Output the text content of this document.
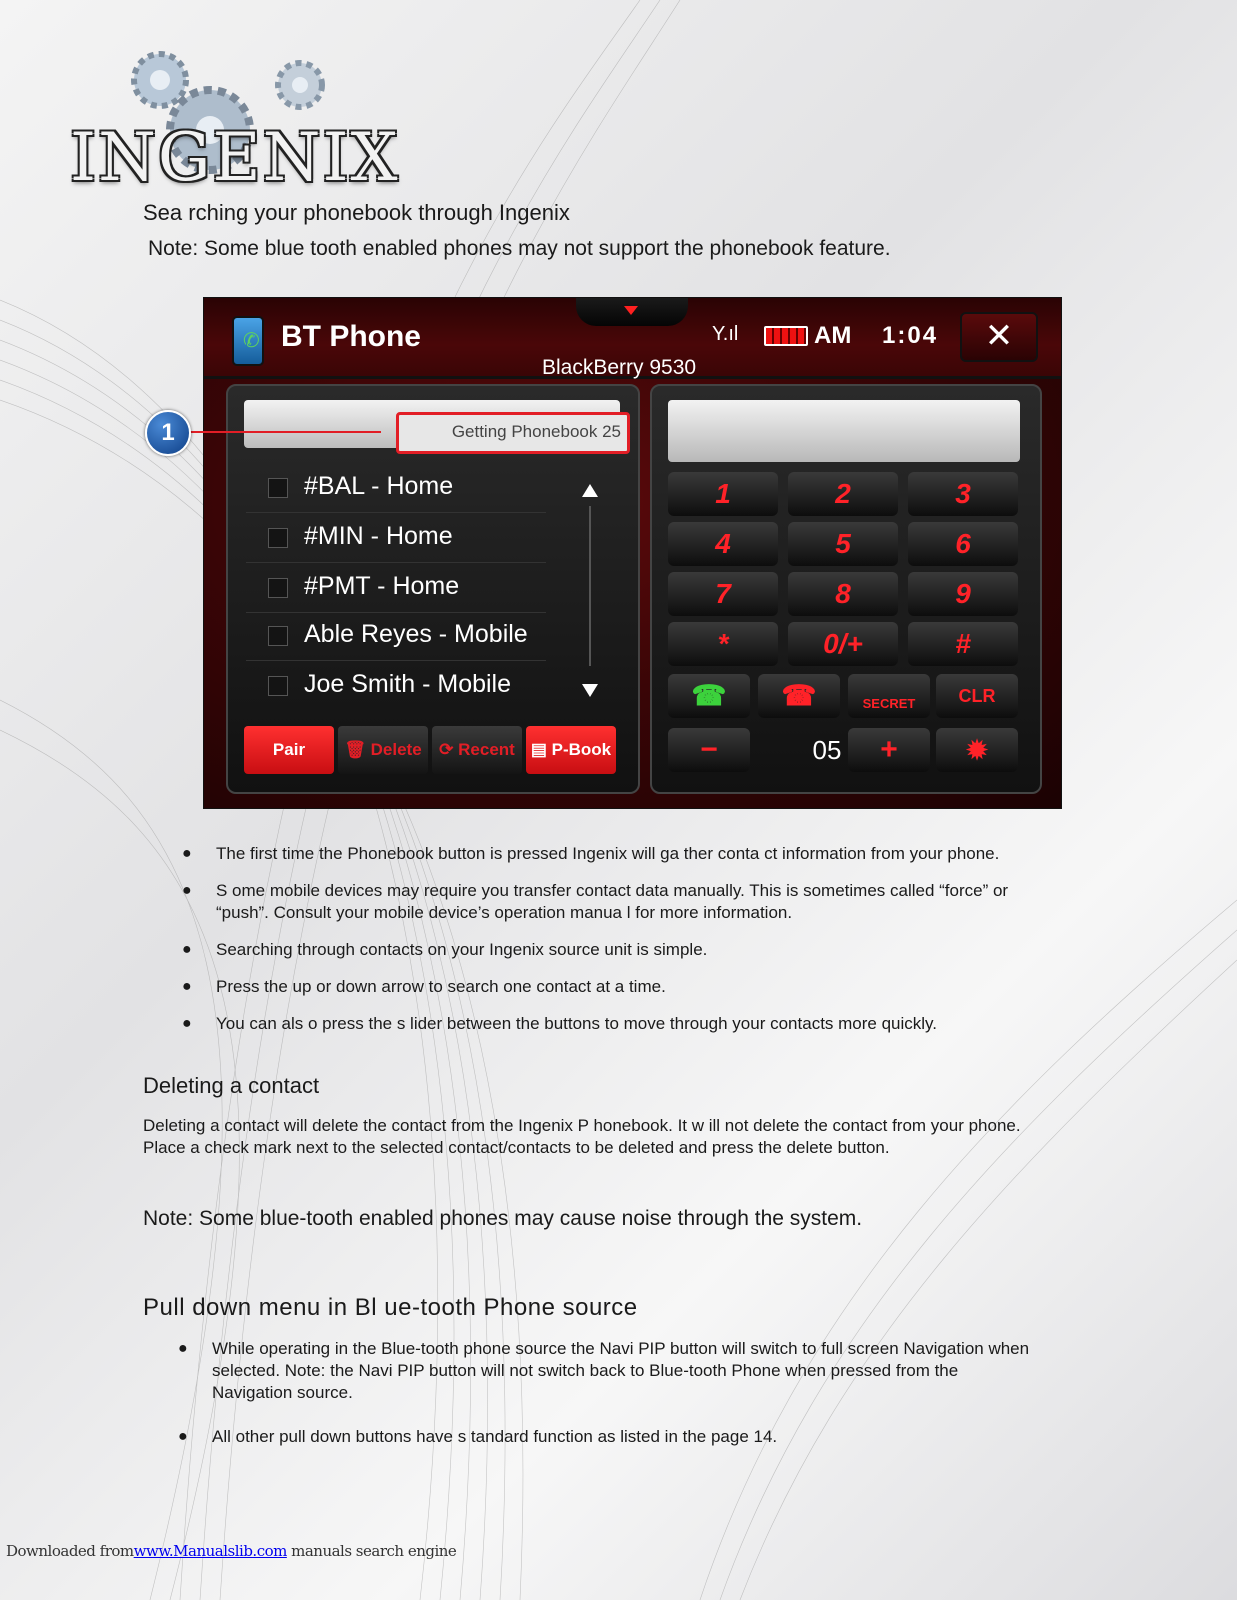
INGENIX
Sea rching your phonebook through Ingenix
Note: Some blue tooth enabled phones may not support the phonebook feature.
✆ BT Phone	Y.ıl	AM 1:04	✕
BlackBerry 9530
Getting Phonebook 25
#BAL - Home
#MIN - Home
#PMT - Home
Able Reyes - Mobile
Joe Smith - Mobile
Pair	🗑 Delete	⟳ Recent ▤ P-Book
1	2	3
4	5	6
7	8	9
*	0/+	#
☎	☎	SECRET	CLR
−	05	+	✹
1
● The first time the Phonebook button is pressed Ingenix will ga ther conta ct information from your phone.
● S ome mobile devices may require you transfer contact data manually. This is sometimes called “force” or “push”. Consult your mobile device’s operation manua l for more information.
● Searching through contacts on your Ingenix source unit is simple.
● Press the up or down arrow to search one contact at a time.
● You can als o press the s lider between the buttons to move through your contacts more quickly.
Deleting a contact
Deleting a contact will delete the contact from the Ingenix P honebook. It w ill not delete the contact from your phone. Place a check mark next to the selected contact/contacts to be deleted and press the delete button.
Note: Some blue-tooth enabled phones may cause noise through the system.
Pull down menu in Bl ue-tooth Phone source
● While operating in the Blue-tooth phone source the Navi PIP button will switch to full screen Navigation when selected. Note: the Navi PIP button will not switch back to Blue-tooth Phone when pressed from the Navigation source.
● All other pull down buttons have s tandard function as listed in the page 14.
Downloaded fromwww.Manualslib.com manuals search engine
